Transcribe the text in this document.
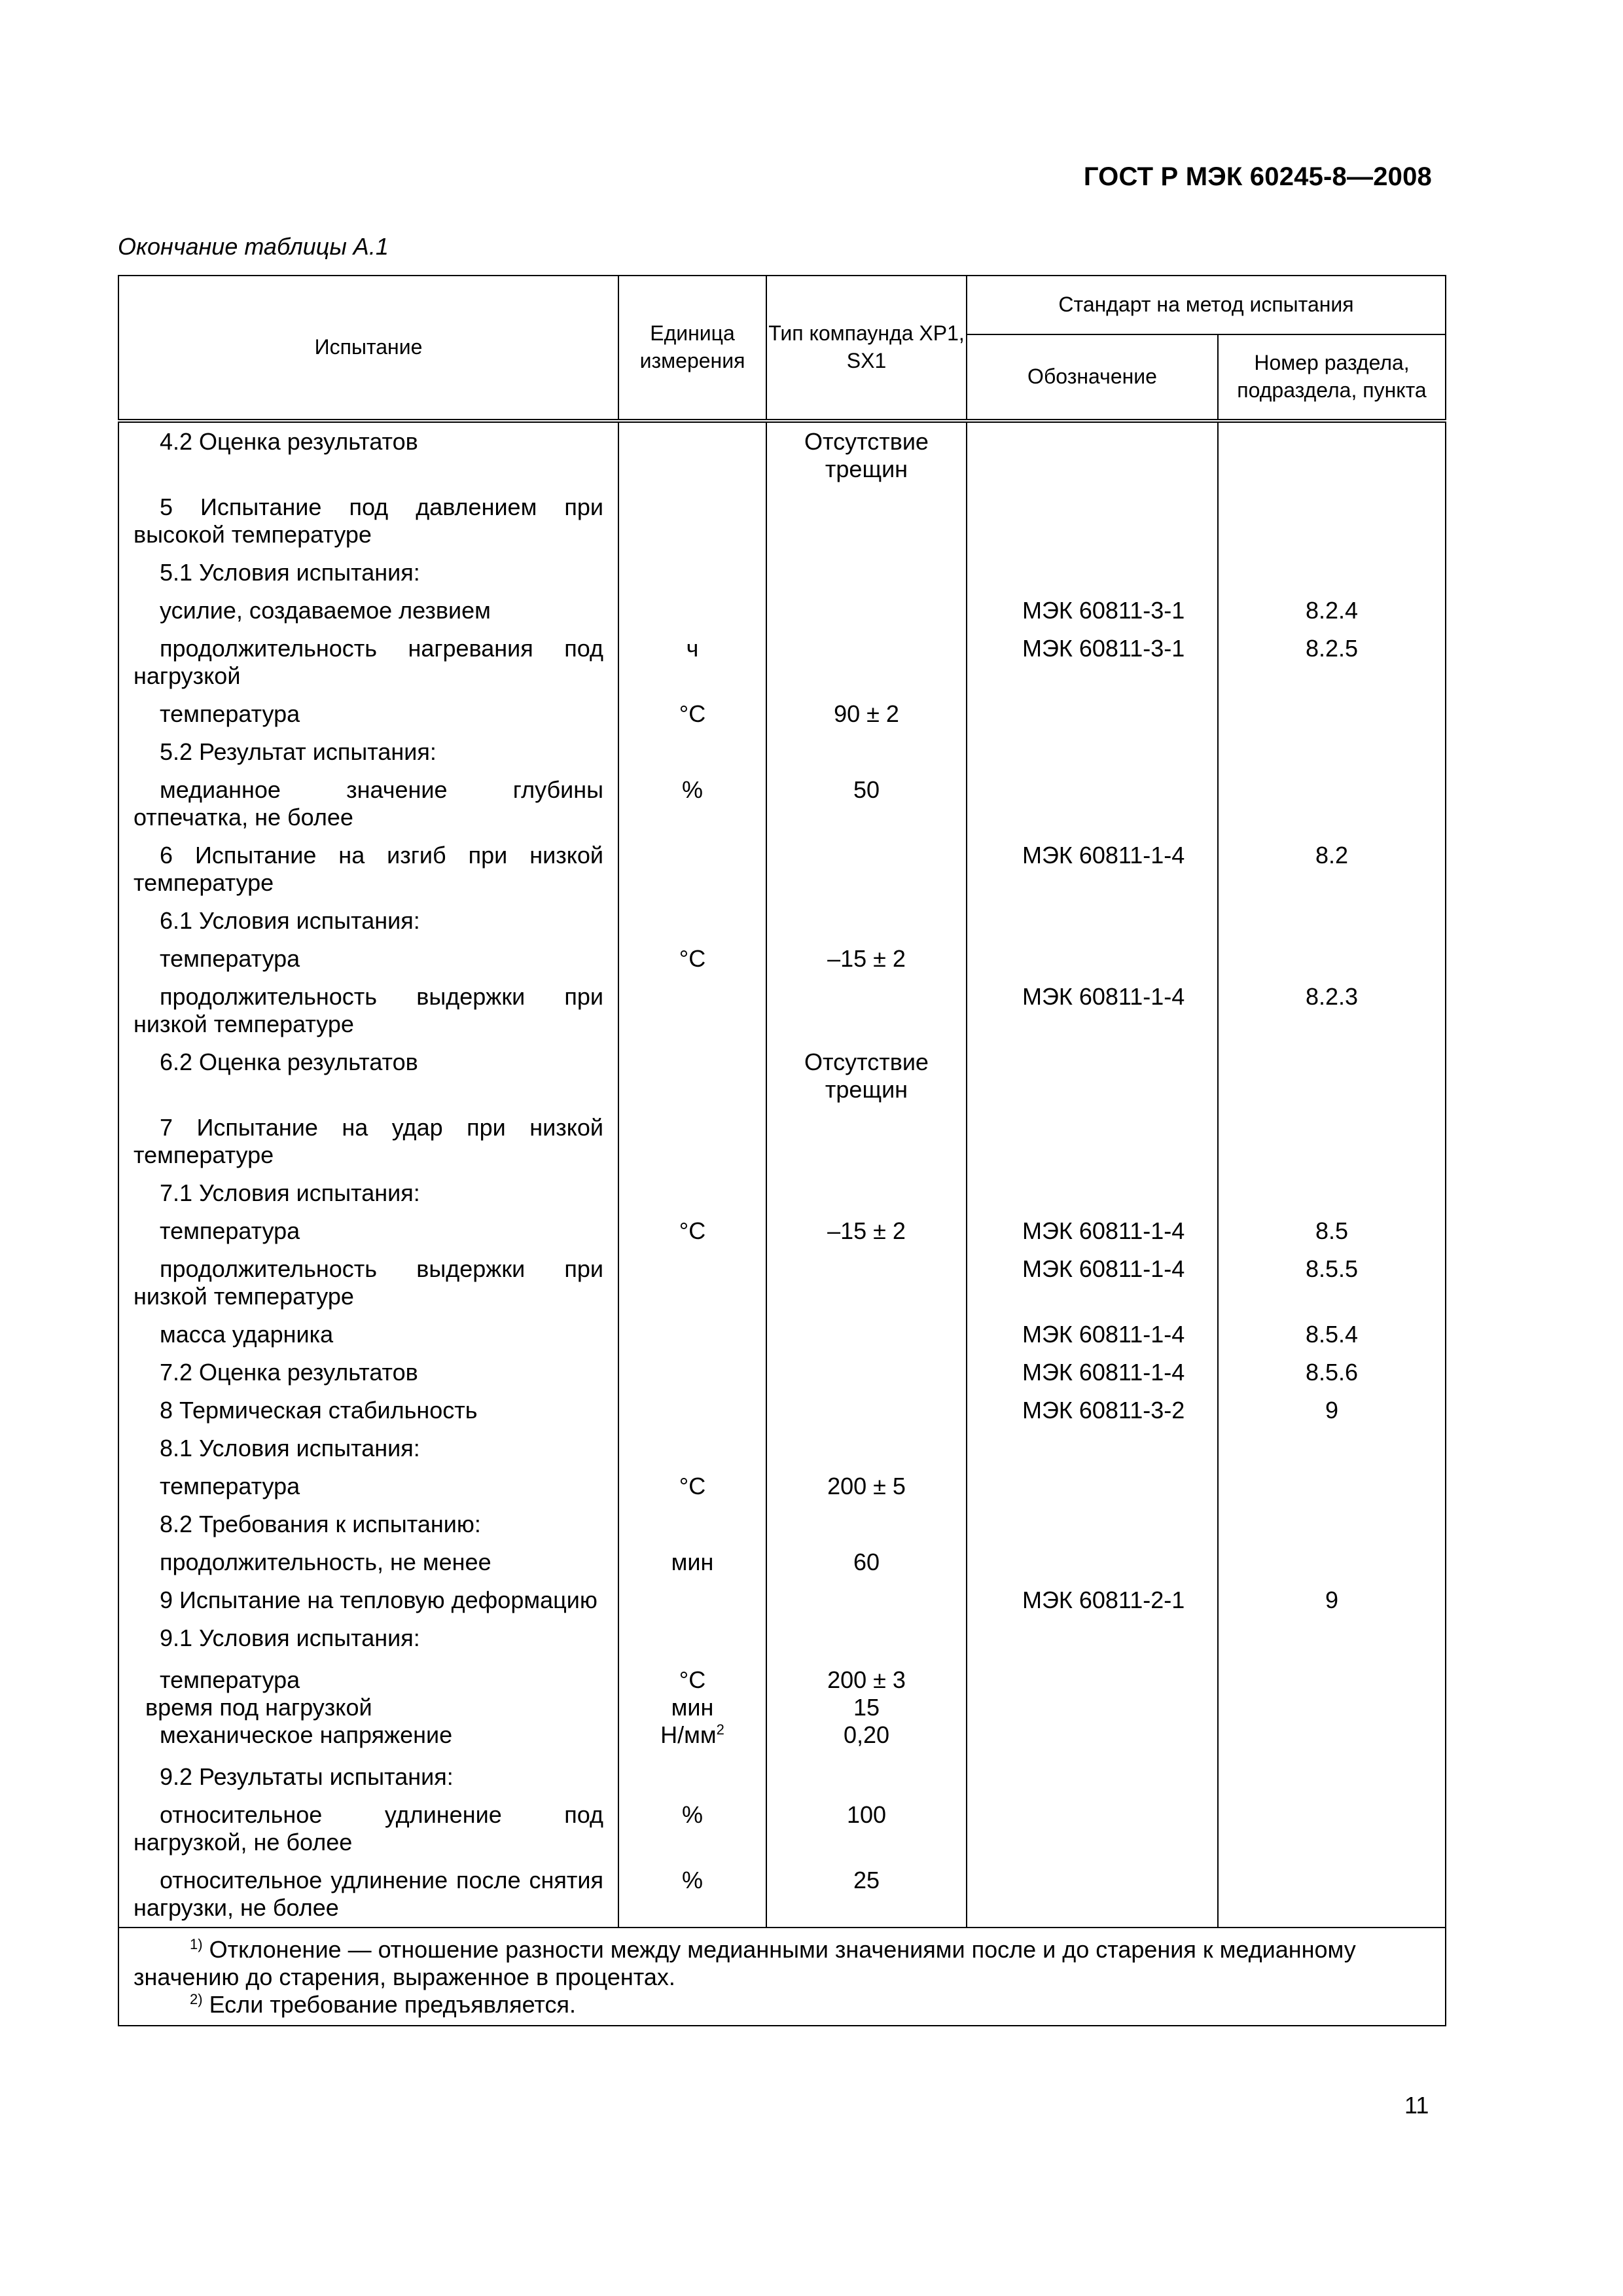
ГОСТ Р МЭК 60245-8—2008
Окончание таблицы А.1
Испытание	Единица измерения	Тип компаунда XP1, SX1	Стандарт на метод испытания	
			Обозначение	Номер раздела, подраздела, пункта

4.2 Оценка результатов		Отсутствие трещин		

5 Испытание под давлением при высокой температуре				

5.1 Условия испытания:				

усилие, создаваемое лезвием			МЭК 60811-3-1	8.2.4

продолжительность нагревания под нагрузкой	ч		МЭК 60811-3-1	8.2.5

температура	°C	90 ± 2		

5.2 Результат испытания:				

медианное значение глубины отпечатка, не более	%	50		

6 Испытание на изгиб при низкой температуре			МЭК 60811-1-4	8.2

6.1 Условия испытания:				

температура	°C	–15 ± 2		

продолжительность выдержки при низкой температуре			МЭК 60811-1-4	8.2.3

6.2 Оценка результатов		Отсутствие трещин		

7 Испытание на удар при низкой температуре				

7.1 Условия испытания:				

температура	°C	–15 ± 2	МЭК 60811-1-4	8.5

продолжительность выдержки при низкой температуре			МЭК 60811-1-4	8.5.5

масса ударника			МЭК 60811-1-4	8.5.4

7.2 Оценка результатов			МЭК 60811-1-4	8.5.6

8 Термическая стабильность			МЭК 60811-3-2	9

8.1 Условия испытания:				

температура	°C	200 ± 5		

8.2 Требования к испытанию:				

продолжительность, не менее	мин	60		

9 Испытание на тепловую деформацию			МЭК 60811-2-1	9

9.1 Условия испытания:				

температура	°C	200 ± 3		

время под нагрузкой	мин	15		

механическое напряжение	$Н/мм^2$	0,20		

9.2 Результаты испытания:				

относительное удлинение под нагрузкой, не более	%	100		

относительное удлинение после снятия нагрузки, не более	%	25		

$^{1)}$ Отклонение — отношение разности между медианными значениями после и до старения к медианному значению до старения, выраженное в процентах.
$^{2)}$ Если требование предъявляется.				
11
